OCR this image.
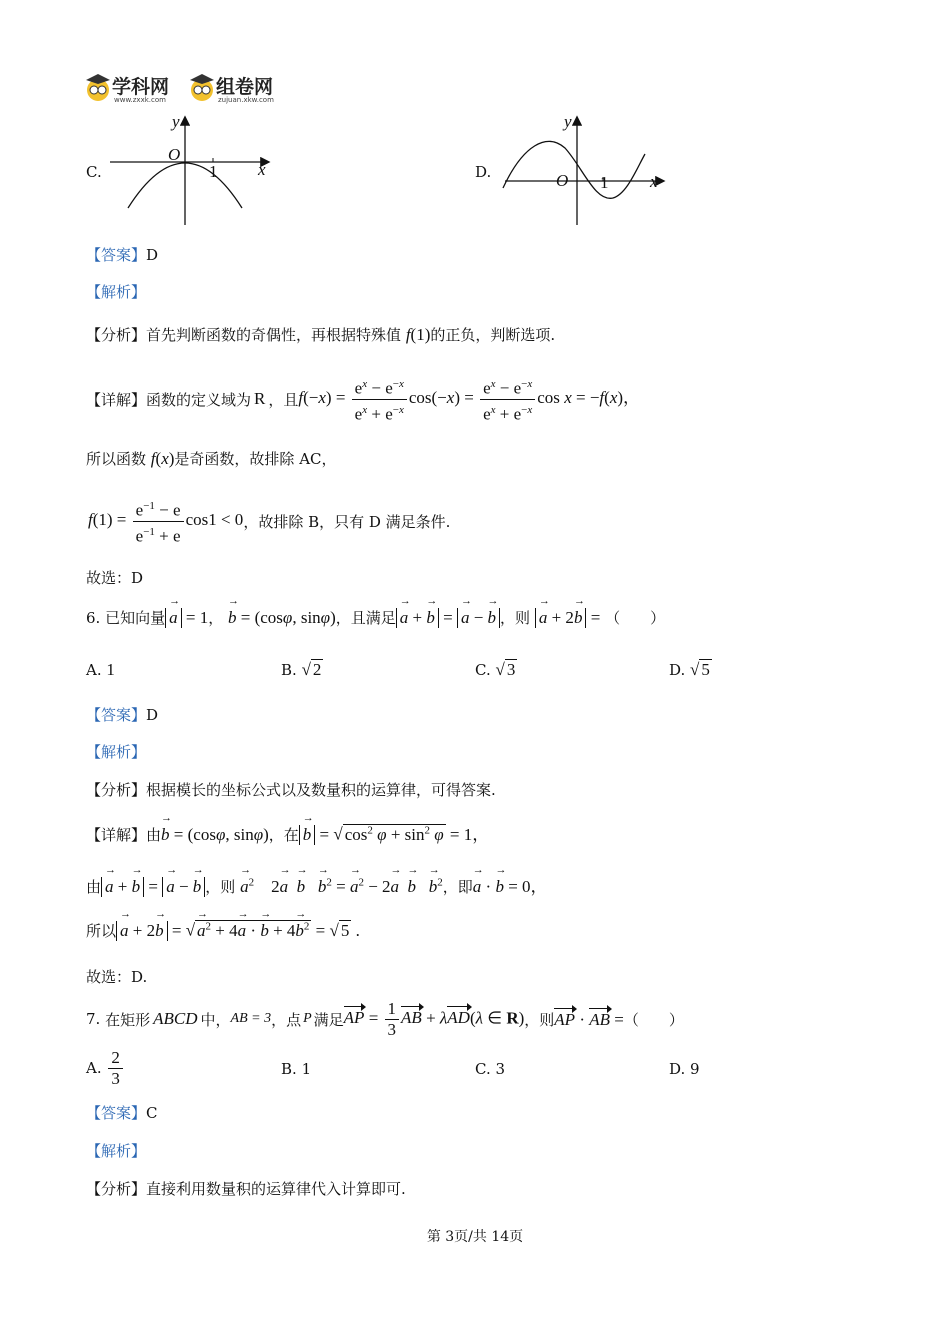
学科网
www.zxxk.com
组卷网
zujuan.xkw.com
C.
y
x
O
1	D.
y
x
O 1
【答案】D
【解析】
【分析】首先判断函数的奇偶性，再根据特殊值 f(1)的正负，判断选项.
【详解】 函数的定义域为 R ，且 $f(-x) = \frac{e^x - e^{-x}}{e^x + e^{-x}} \cos(-x) = \frac{e^x - e^{-x}}{e^x + e^{-x}}$ cos x = −f(x)，
所以函数 f(x)是奇函数，故排除 AC，
$f(1) = \frac{e^{-1} - e}{e^{-1} + e} \cos 1 < 0$ ，故排除 B，只有 D 满足条件.
故选：D
6. 已知向量 → a = 1， → b = (cosφ, sinφ)，且满足 → a + → b = → a − → b ，则 → a + 2→ b = （　　）
A. 1	B. √ 2	C. √ 3	D. √ 5
【答案】D
【解析】
【分析】根据模长的坐标公式以及数量积的运算律，可得答案.
【详解】由→ b = (cosφ, sinφ)，在 → b = √ $\cos^2 \varphi + \sin^2 \varphi = 1$，
由 → a + → b = → a − → b ，则 → $a^2$    $2\to a \to b \to b^2$ = → $a^2 - 2\to a \to b \to b^2$，即→ a · → b = 0，
所以 → a + 2→ b = √ → $a^2 + 4\to a$ · → $b + 4\to b^2$ = √ 5 .
故选：D.
7.
在矩形 ABCD 中， AB = 3 ，点 P 满足 AP = $\frac{1}{3}$ AB + λAD(λ ∈ R) ，则 AP · AB = （　　）
A.
$\frac{2}{3}$	B. 1	C. 3	D. 9
【答案】C
【解析】
【分析】直接利用数量积的运算律代入计算即可.
第 3页/共 14页
